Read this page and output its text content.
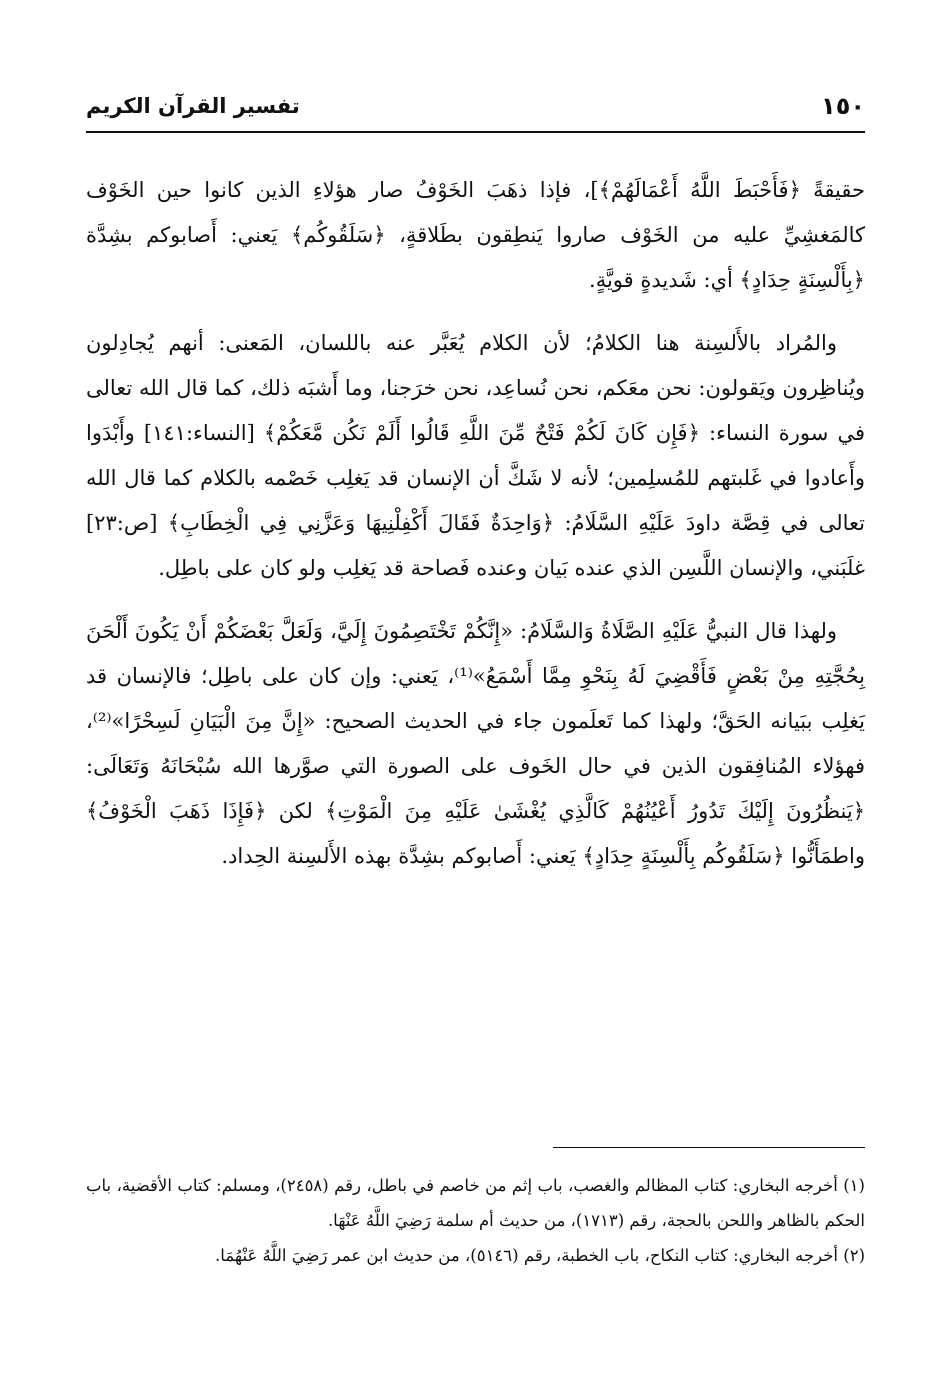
١٥٠
تفسير القرآن الكريم

حقيقةً ﴿فَأَحْبَطَ اللَّهُ أَعْمَالَهُمْ﴾]، فإذا ذهَبَ الخَوْفُ صار هؤلاءِ الذين كانوا حين الخَوْف كالمَغشِيِّ عليه من الخَوْف صاروا يَنطِقون بطَلاقةٍ، ﴿سَلَقُوكُم﴾ يَعني: أَصابوكم بشِدَّة ﴿بِأَلْسِنَةٍ حِدَادٍ﴾ أي: شَديدةٍ قويَّةٍ.

والمُراد بالأَلسِنة هنا الكلامُ؛ لأن الكلام يُعَبَّر عنه باللسان، المَعنى: أنهم يُجادِلون ويُناظِرون ويَقولون: نحن معَكم، نحن نُساعِد، نحن خرَجنا، وما أَشبَه ذلك، كما قال الله تعالى في سورة النساء: ﴿فَإِن كَانَ لَكُمْ فَتْحٌ مِّنَ اللَّهِ قَالُوا أَلَمْ نَكُن مَّعَكُمْ﴾ [النساء:١٤١] وأَبْدَوا وأَعادوا في غَلبتهم للمُسلِمين؛ لأنه لا شَكَّ أن الإنسان قد يَغلِب خَصْمه بالكلام كما قال الله تعالى في قِصَّة داودَ عَلَيْهِ السَّلَامُ: ﴿وَاحِدَةٌ فَقَالَ أَكْفِلْنِيهَا وَعَزَّنِي فِي الْخِطَابِ﴾ [ص:٢٣] غلَبَني، والإنسان اللَّسِن الذي عنده بَيان وعنده فَصاحة قد يَغلِب ولو كان على باطِل.

ولهذا قال النبيُّ عَلَيْهِ الصَّلَاةُ وَالسَّلَامُ: «إِنَّكُمْ تَخْتَصِمُونَ إِلَيَّ، وَلَعَلَّ بَعْضَكُمْ أَنْ يَكُونَ أَلْحَنَ بِحُجَّتِهِ مِنْ بَعْضٍ فَأَقْضِيَ لَهُ بِنَحْوِ مِمَّا أَسْمَعُ»⁽¹⁾، يَعني: وإن كان على باطِل؛ فالإنسان قد يَغلِب ببَيانه الحَقَّ؛ ولهذا كما تَعلَمون جاء في الحديث الصحيح: «إِنَّ مِنَ الْبَيَانِ لَسِحْرًا»⁽²⁾، فهؤلاء المُنافِقون الذين في حال الخَوف على الصورة التي صوَّرها الله سُبْحَانَهُ وَتَعَالَى: ﴿يَنظُرُونَ إِلَيْكَ تَدُورُ أَعْيُنُهُمْ كَالَّذِي يُغْشَىٰ عَلَيْهِ مِنَ الْمَوْتِ﴾ لكن ﴿فَإِذَا ذَهَبَ الْخَوْفُ﴾ واطمَأَنُّوا ﴿سَلَقُوكُم بِأَلْسِنَةٍ حِدَادٍ﴾ يَعني: أَصابوكم بشِدَّة بهذه الأَلسِنة الحِداد.

(١) أخرجه البخاري: كتاب المظالم والغصب، باب إثم من خاصم في باطل، رقم (٢٤٥٨)، ومسلم: كتاب الأقضية، باب الحكم بالظاهر واللحن بالحجة، رقم (١٧١٣)، من حديث أم سلمة رَضِيَ اللَّهُ عَنْهَا.

(٢) أخرجه البخاري: كتاب النكاح، باب الخطبة، رقم (٥١٤٦)، من حديث ابن عمر رَضِيَ اللَّهُ عَنْهُمَا.
